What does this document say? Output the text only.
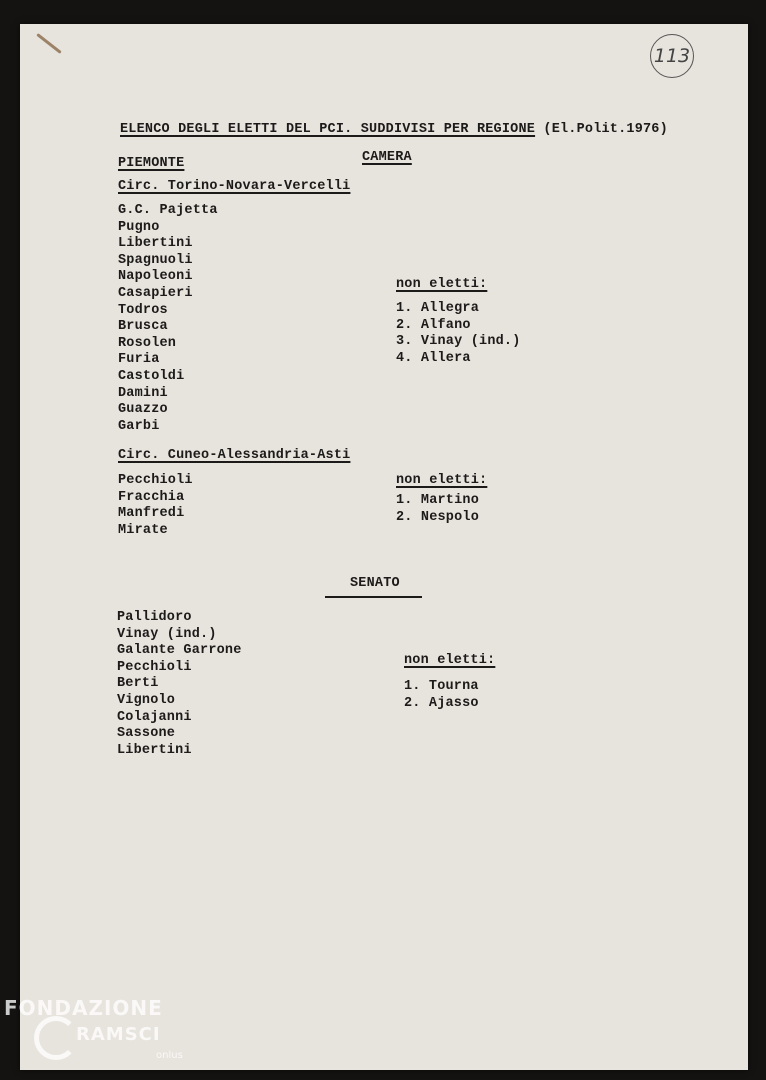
113
ELENCO DEGLI ELETTI DEL PCI. SUDDIVISI PER REGIONE (El.Polit.1976)
PIEMONTE	CAMERA
Circ. Torino-Novara-Vercelli
G.C. Pajetta
Pugno
Libertini
Spagnuoli
Napoleoni
Casapieri
Todros
Brusca
Rosolen
Furia
Castoldi
Damini
Guazzo
Garbi
non eletti:
1. Allegra
2. Alfano
3. Vinay (ind.)
4. Allera
Circ. Cuneo-Alessandria-Asti
Pecchioli
Fracchia
Manfredi
Mirate
non eletti:
1. Martino
2. Nespolo
SENATO
Pallidoro
Vinay (ind.)
Galante Garrone
Pecchioli
Berti
Vignolo
Colajanni
Sassone
Libertini
non eletti:
1. Tourna
2. Ajasso
FONDAZIONE
RAMSCI
onlus
